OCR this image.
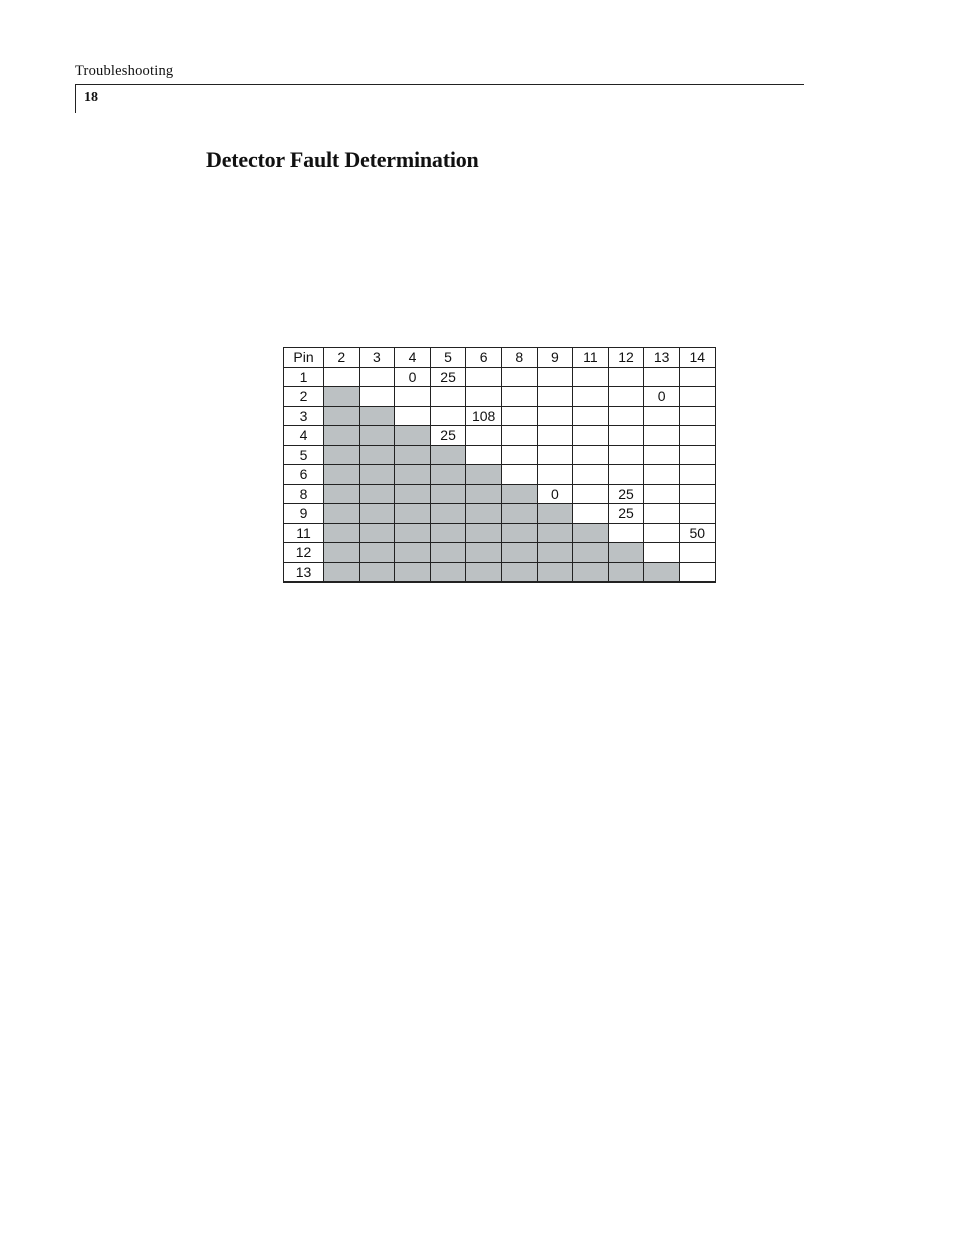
Troubleshooting
18
Detector Fault Determination
Pin	2	3	4	5	6	8	9	11	12	13	14
1			0	25							
2										0	
3					108						
4				25							
5											
6											
8							0		25		
9									25		
11											50
12											
13											
